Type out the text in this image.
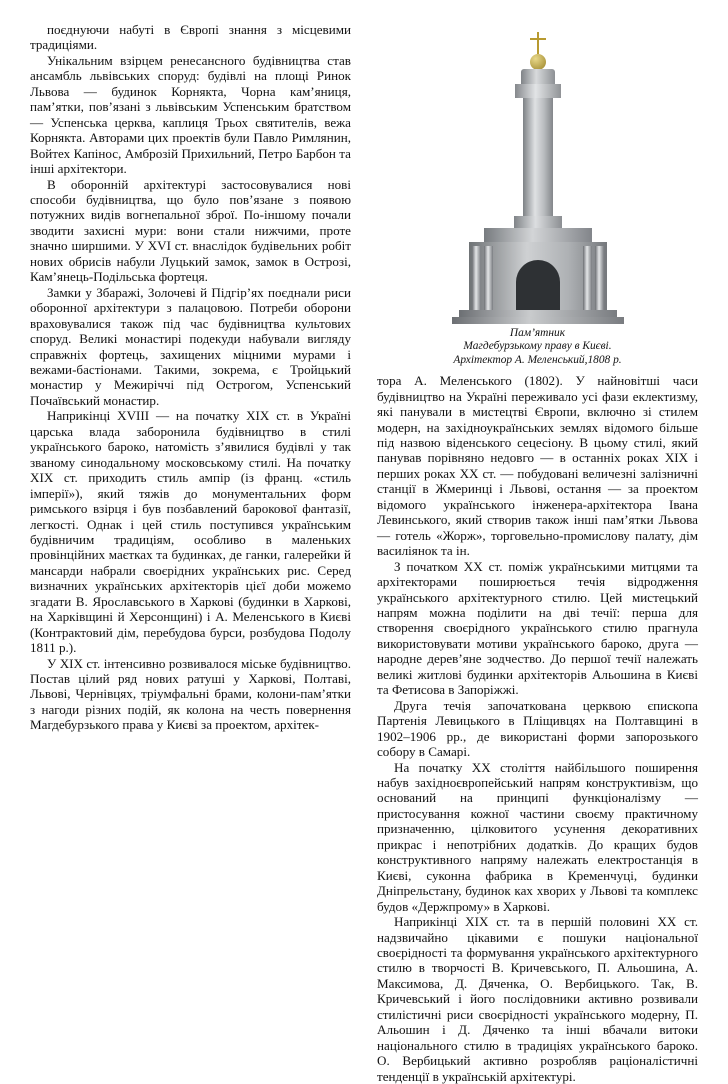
поєднуючи набуті в Європі знання з місцевими традиціями.

Унікальним взірцем ренесансного будівництва став ансамбль львівських споруд: будівлі на площі Ринок Львова — будинок Корнякта, Чорна кам’яниця, пам’ятки, пов’язані з львівським Успенським братством — Успенська церква, каплиця Трьох святителів, вежа Корнякта. Авторами цих проектів були Павло Римлянин, Войтех Капінос, Амброзій Прихильний, Петро Барбон та інші архітектори.

В оборонній архітектурі застосовувалися нові способи будівництва, що було пов’язане з появою потужних видів вогнепальної зброї. По-іншому почали зводити захисні мури: вони стали нижчими, проте значно ширшими. У XVI ст. внаслідок будівельних робіт нових обрисів набули Луцький замок, замок в Острозі, Кам’янець-Подільська фортеця.

Замки у Збаражі, Золочеві й Підгір’ях поєднали риси оборонної архітектури з палацовою. Потреби оборони враховувалися також під час будівництва культових споруд. Великі монастирі подекуди набували вигляду справжніх фортець, захищених міцними мурами і вежами-бастіонами. Такими, зокрема, є Тройцький монастир у Межиріччі під Острогом, Успенський Почаївський монастир.

Наприкінці XVIII — на початку XIX ст. в Україні царська влада заборонила будівництво в стилі українського бароко, натомість з’явилися будівлі у так званому синодальному московському стилі. На початку XIX ст. приходить стиль ампір (із франц. «стиль імперії»), який тяжів до монументальних форм римського взірця і був позбавлений барокової фантазії, легкості. Однак і цей стиль поступився українським будівничим традиціям, особливо в маленьких провінційних маєтках та будинках, де ганки, галерейки й мансарди набрали своєрідних українських рис. Серед визначних українських архітекторів цієї доби можемо згадати В. Ярославського в Харкові (будинки в Харкові, на Харківщині й Херсонщині) і А. Меленського в Києві (Контрактовий дім, перебудова бурси, розбудова Подолу 1811 р.).

У XIX ст. інтенсивно розвивалося міське будівництво. Постав цілий ряд нових ратуші у Харкові, Полтаві, Львові, Чернівцях, тріумфальні брами, колони-пам’ятки з нагоди різних подій, як колона на честь повернення Магдебурзького права у Києві за проектом, архітек-

Пам’ятник
Магдебурзькому праву в Києві.
Архітектор А. Меленський,1808 р.

тора А. Меленського (1802). У найновітші часи будівництво на Україні переживало усі фази еклектизму, які панували в мистецтві Європи, включно зі стилем модерн, на західноукраїнських землях відомого більше під назвою віденського сецесіону. В цьому стилі, який панував порівняно недовго — в останніх роках XIX і перших роках XX ст. — побудовані величезні залізничні станції в Жмеринці і Львові, остання — за проектом відомого українського інженера-архітектора Івана Левинського, який створив також інші пам’ятки Львова — готель «Жорж», торговельно-промислову палату, дім василіянок та ін.

З початком XX ст. поміж українськими митцями та архітекторами поширюється течія відродження українського архітектурного стилю. Цей мистецький напрям можна поділити на дві течії: перша для створення своєрідного українського стилю прагнула використовувати мотиви українського бароко, друга — народне дерев’яне зодчество. До першої течії належать великі житлові будинки архітекторів Альошина в Києві та Фетисова в Запоріжжі.

Друга течія започаткована церквою єпископа Партенія Левицького в Пліщивцях на Полтавщині в 1902–1906 рр., де використані форми запорозького собору в Самарі.

На початку XX століття найбільшого поширення набув західноєвропейський напрям конструктивізм, що оснований на принципі функціоналізму — пристосування кожної частини своєму практичному призначенню, цілковитого усунення декоративних прикрас і непотрібних додатків. До кращих будов конструктивного напряму належать електростанція в Києві, суконна фабрика в Кременчуці, будинки Дніпрельстану, будинок ках хворих у Львові та комплекс будов «Держпрому» в Харкові.

Наприкінці XIX ст. та в першій половині XX ст. надзвичайно цікавими є пошуки національної своєрідності та формування українського архітектурного стилю в творчості В. Кричевського, П. Альошина, А. Максимова, Д. Дяченка, О. Вербицького. Так, В. Кричевський і його послідовники активно розвивали стилістичні риси своєрідності українського модерну, П. Альошин і Д. Дяченко та інші вбачали витоки національного стилю в традиціях українського бароко. О. Вербицький активно розробляв раціоналістичні тенденції в українській архітектурі.
